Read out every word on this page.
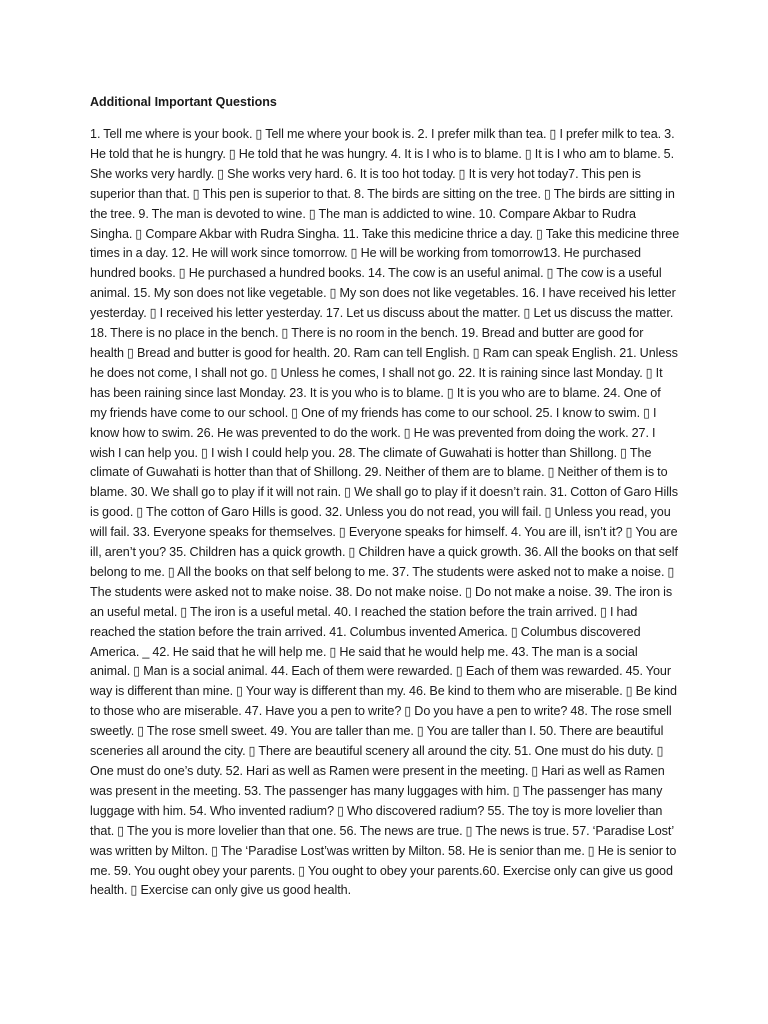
Additional Important Questions

1. Tell me where is your book. ▯ Tell me where your book is. 2. I prefer milk than tea. ▯ I prefer milk to tea. 3. He told that he is hungry. ▯ He told that he was hungry. 4. It is I who is to blame. ▯ It is I who am to blame. 5. She works very hardly. ▯ She works very hard. 6. It is too hot today. ▯ It is very hot today7. This pen is superior than that. ▯ This pen is superior to that. 8. The birds are sitting on the tree. ▯ The birds are sitting in the tree. 9. The man is devoted to wine. ▯ The man is addicted to wine. 10. Compare Akbar to Rudra Singha. ▯ Compare Akbar with Rudra Singha. 11. Take this medicine thrice a day. ▯ Take this medicine three times in a day. 12. He will work since tomorrow. ▯ He will be working from tomorrow13. He purchased hundred books. ▯ He purchased a hundred books. 14. The cow is an useful animal. ▯ The cow is a useful animal. 15. My son does not like vegetable. ▯ My son does not like vegetables. 16. I have received his letter yesterday. ▯ I received his letter yesterday. 17. Let us discuss about the matter. ▯ Let us discuss the matter. 18. There is no place in the bench. ▯ There is no room in the bench. 19. Bread and butter are good for health ▯ Bread and butter is good for health. 20. Ram can tell English. ▯ Ram can speak English. 21. Unless he does not come, I shall not go. ▯ Unless he comes, I shall not go. 22. It is raining since last Monday. ▯ It has been raining since last Monday. 23. It is you who is to blame. ▯ It is you who are to blame. 24. One of my friends have come to our school. ▯ One of my friends has come to our school. 25. I know to swim. ▯ I know how to swim. 26. He was prevented to do the work. ▯ He was prevented from doing the work. 27. I wish I can help you. ▯ I wish I could help you. 28. The climate of Guwahati is hotter than Shillong. ▯ The climate of Guwahati is hotter than that of Shillong. 29. Neither of them are to blame. ▯ Neither of them is to blame. 30. We shall go to play if it will not rain. ▯ We shall go to play if it doesn’t rain. 31. Cotton of Garo Hills is good. ▯ The cotton of Garo Hills is good. 32. Unless you do not read, you will fail. ▯ Unless you read, you will fail. 33. Everyone speaks for themselves. ▯ Everyone speaks for himself. 4. You are ill, isn’t it? ▯ You are ill, aren’t you? 35. Children has a quick growth. ▯ Children have a quick growth. 36. All the books on that self belong to me. ▯ All the books on that self belong to me. 37. The students were asked not to make a noise. ▯ The students were asked not to make noise. 38. Do not make noise. ▯ Do not make a noise. 39. The iron is an useful metal. ▯ The iron is a useful metal. 40. I reached the station before the train arrived. ▯ I had reached the station before the train arrived. 41. Columbus invented America. ▯ Columbus discovered America. _ 42. He said that he will help me. ▯ He said that he would help me. 43. The man is a social animal. ▯ Man is a social animal. 44. Each of them were rewarded. ▯ Each of them was rewarded. 45. Your way is different than mine. ▯ Your way is different than my. 46. Be kind to them who are miserable. ▯ Be kind to those who are miserable. 47. Have you a pen to write? ▯ Do you have a pen to write? 48. The rose smell sweetly. ▯ The rose smell sweet. 49. You are taller than me. ▯ You are taller than I. 50. There are beautiful sceneries all around the city. ▯ There are beautiful scenery all around the city. 51. One must do his duty. ▯ One must do one’s duty. 52. Hari as well as Ramen were present in the meeting. ▯ Hari as well as Ramen was present in the meeting. 53. The passenger has many luggages with him. ▯ The passenger has many luggage with him. 54. Who invented radium? ▯ Who discovered radium? 55. The toy is more lovelier than that. ▯ The you is more lovelier than that one. 56. The news are true. ▯ The news is true. 57. ‘Paradise Lost’ was written by Milton. ▯ The ‘Paradise Lost’was written by Milton. 58. He is senior than me. ▯ He is senior to me. 59. You ought obey your parents. ▯ You ought to obey your parents.60. Exercise only can give us good health. ▯ Exercise can only give us good health.
